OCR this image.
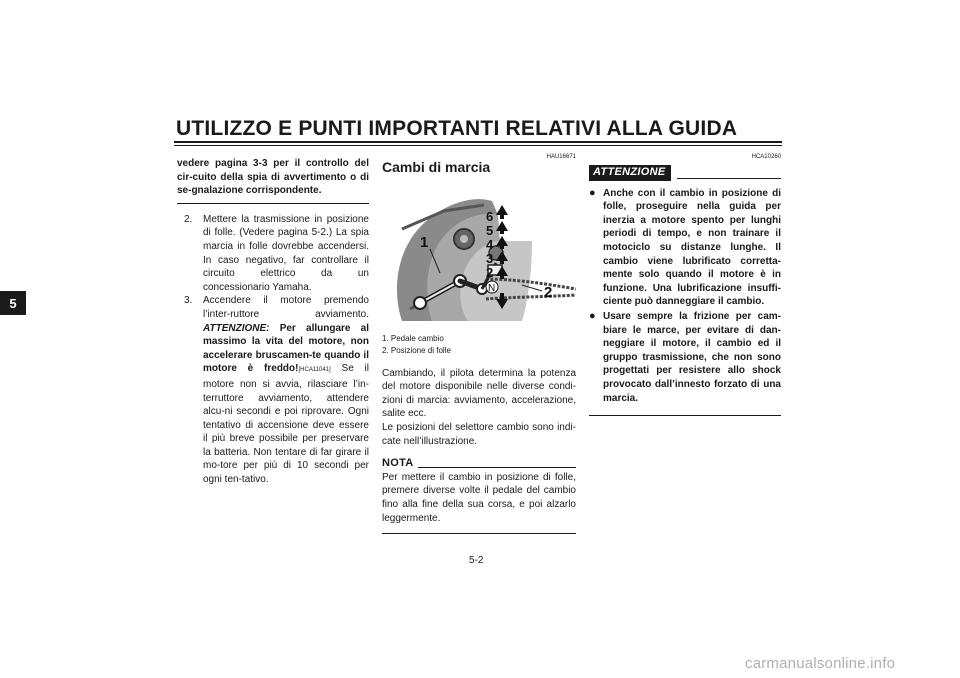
UTILIZZO E PUNTI IMPORTANTI RELATIVI ALLA GUIDA
5
vedere pagina 3-3 per il controllo del cir-cuito della spia di avvertimento o di se-gnalazione corrispondente.
2.	Mettere la trasmissione in posizione di folle. (Vedere pagina 5-2.) La spia marcia in folle dovrebbe accendersi. In caso negativo, far controllare il circuito elettrico da un concessionario Yamaha.
3.	Accendere il motore premendo l’inter-ruttore avviamento. ATTENZIONE: Per allungare al massimo la vita del motore, non accelerare bruscamen-te quando il motore è freddo![HCA11041] Se il motore non si avvia, rilasciare l’in-terruttore avviamento, attendere alcu-ni secondi e poi riprovare. Ogni tentativo di accensione deve essere il più breve possibile per preservare la batteria. Non tentare di far girare il mo-tore per più di 10 secondi per ogni ten-tativo.
HAU16671
Cambi di marcia
1
6
5
4
3
2
N	2
1. Pedale cambio
2. Posizione di folle
Cambiando, il pilota determina la potenza del motore disponibile nelle diverse condi-zioni di marcia: avviamento, accelerazione, salite ecc.
Le posizioni del selettore cambio sono indi-cate nell’illustrazione.
NOTA
Per mettere il cambio in posizione di folle, premere diverse volte il pedale del cambio fino alla fine della sua corsa, e poi alzarlo leggermente.
HCA10260
ATTENZIONE
● Anche con il cambio in posizione di folle, proseguire nella guida per inerzia a motore spento per lunghi periodi di tempo, e non trainare il motociclo su distanze lunghe. Il cambio viene lubrificato corretta-mente solo quando il motore è in funzione. Una lubrificazione insuffi-ciente può danneggiare il cambio.
● Usare sempre la frizione per cam-biare le marce, per evitare di dan-neggiare il motore, il cambio ed il gruppo trasmissione, che non sono progettati per resistere allo shock provocato dall’innesto forzato di una marcia.
5-2
carmanualsonline.info
